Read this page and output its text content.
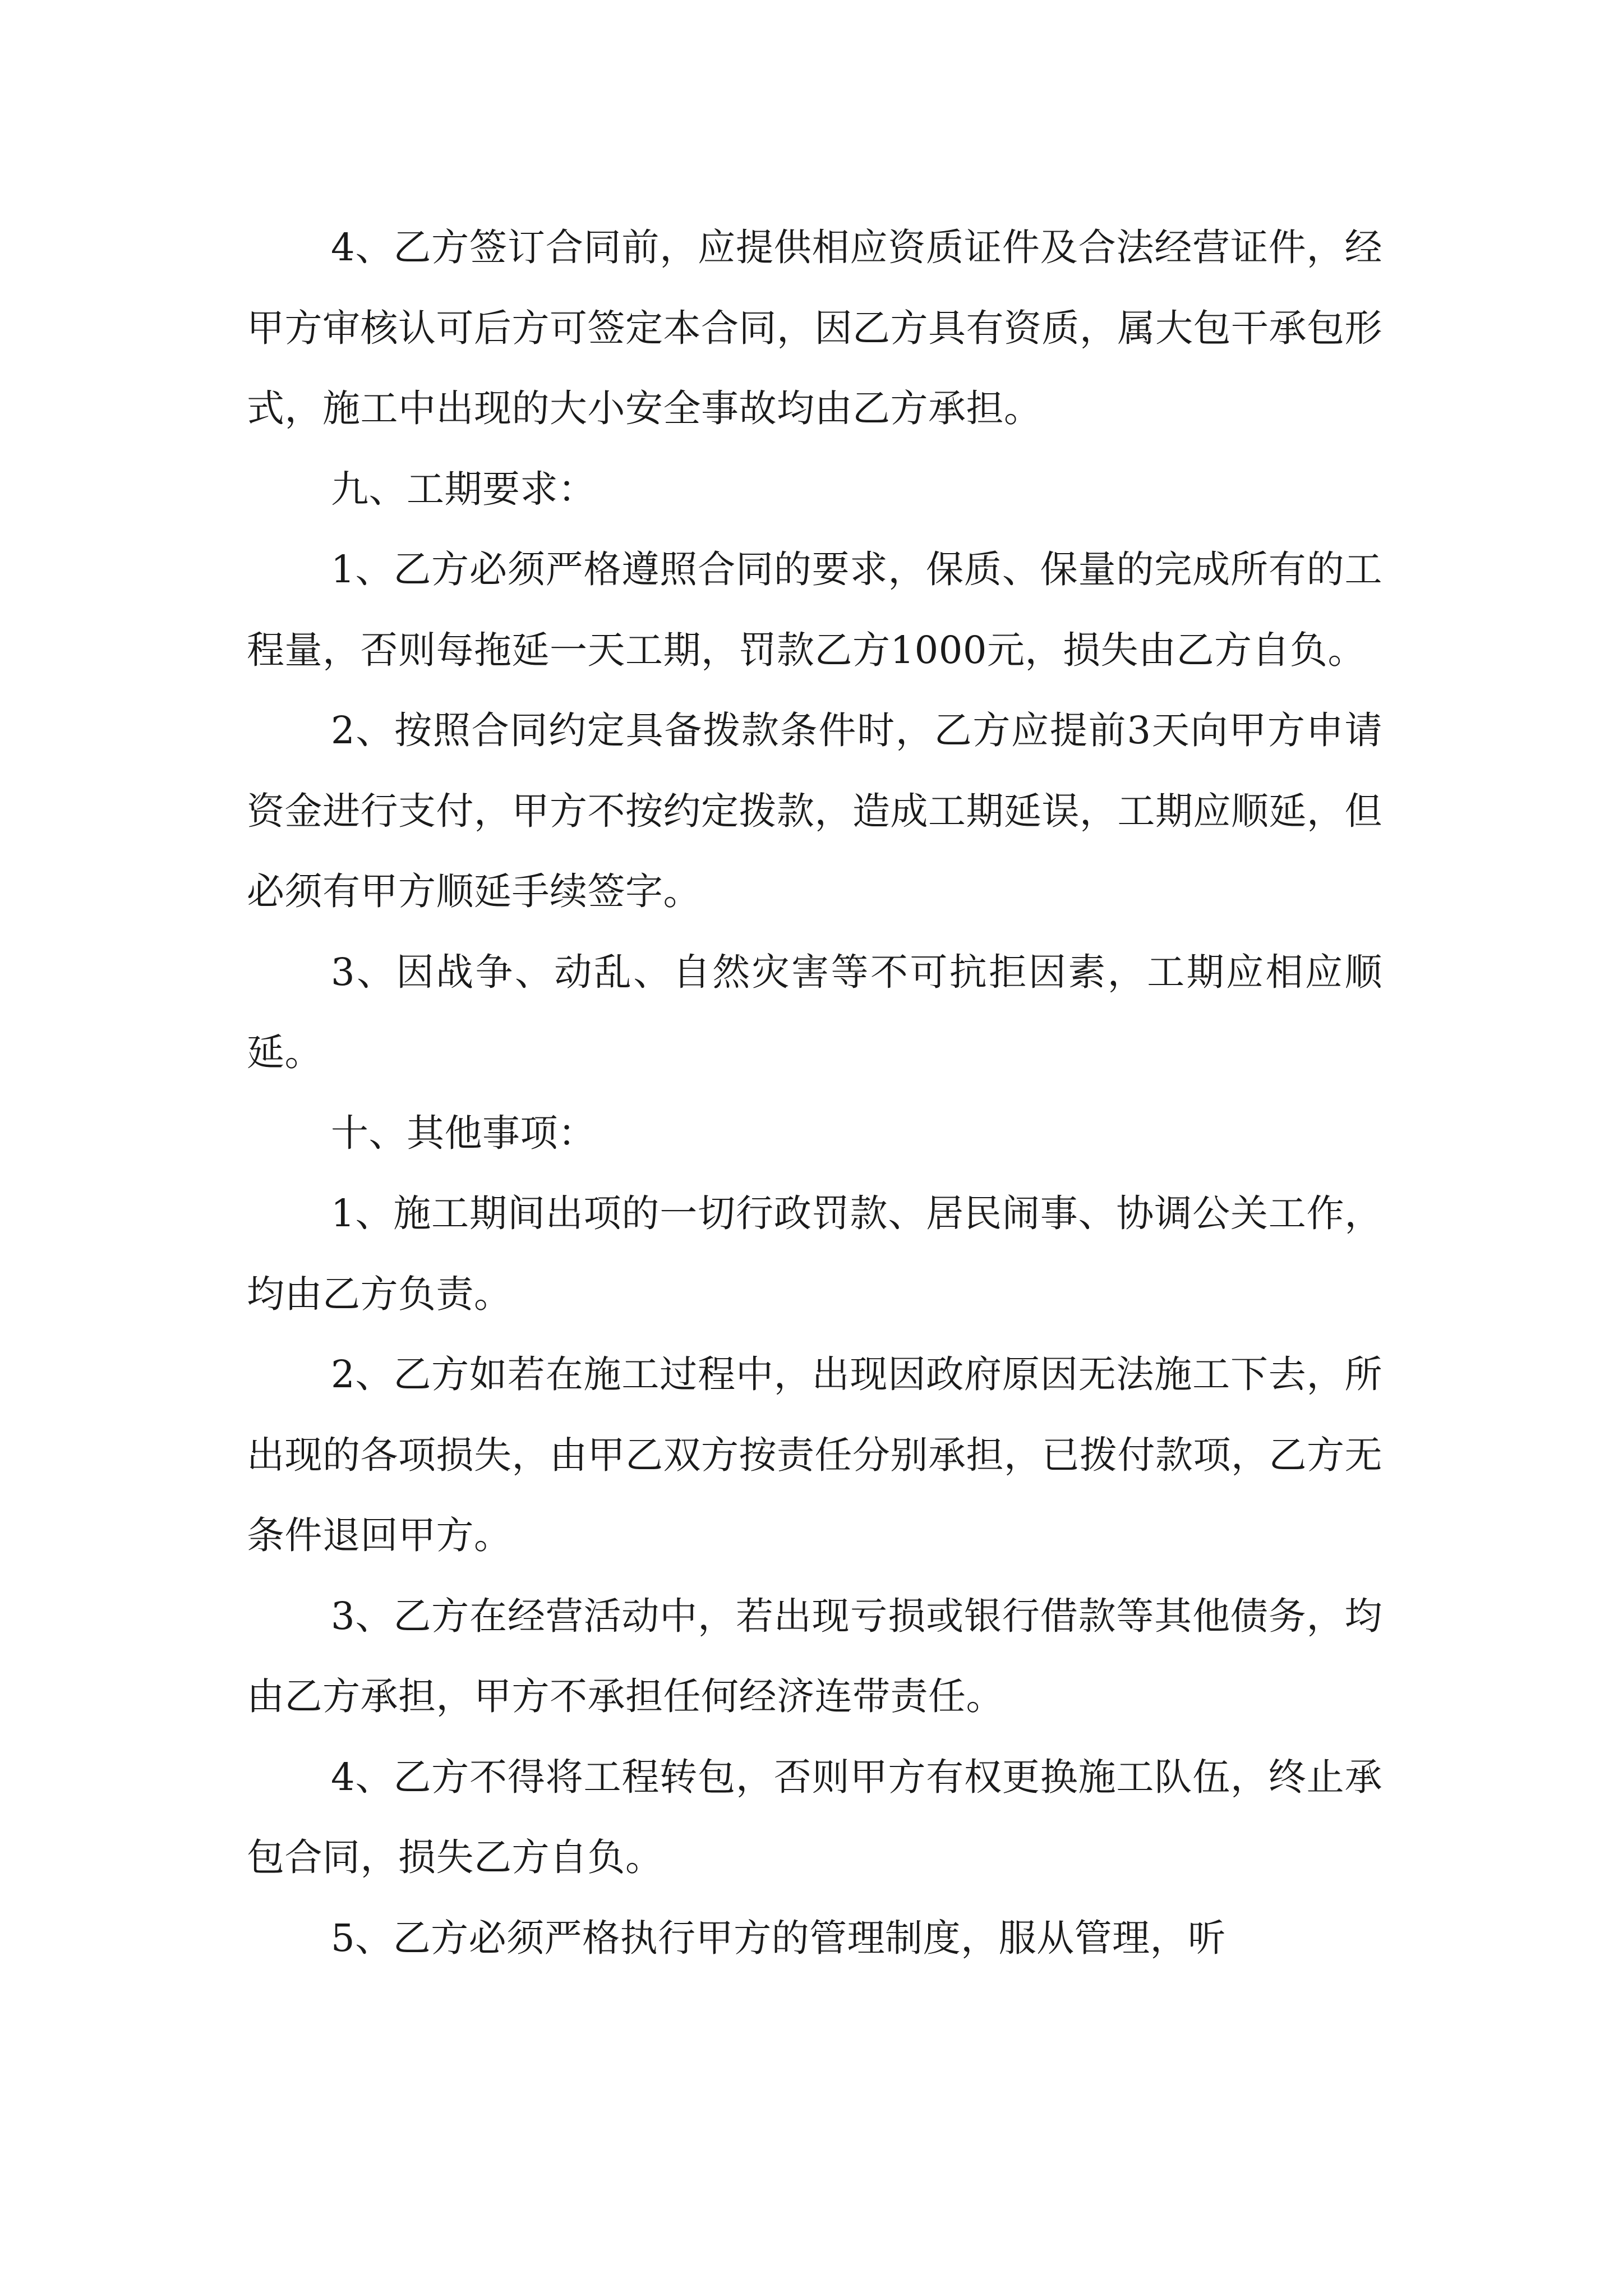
4、乙方签订合同前，应提供相应资质证件及合法经营证件，经甲方审核认可后方可签定本合同，因乙方具有资质，属大包干承包形式，施工中出现的大小安全事故均由乙方承担。

九、工期要求：

1、乙方必须严格遵照合同的要求，保质、保量的完成所有的工程量，否则每拖延一天工期，罚款乙方1000元，损失由乙方自负。

2、按照合同约定具备拨款条件时，乙方应提前3天向甲方申请资金进行支付，甲方不按约定拨款，造成工期延误，工期应顺延，但必须有甲方顺延手续签字。

3、因战争、动乱、自然灾害等不可抗拒因素，工期应相应顺延。

十、其他事项：

1、施工期间出项的一切行政罚款、居民闹事、协调公关工作，均由乙方负责。

2、乙方如若在施工过程中，出现因政府原因无法施工下去，所出现的各项损失，由甲乙双方按责任分别承担，已拨付款项，乙方无条件退回甲方。

3、乙方在经营活动中，若出现亏损或银行借款等其他债务，均由乙方承担，甲方不承担任何经济连带责任。

4、乙方不得将工程转包，否则甲方有权更换施工队伍，终止承包合同，损失乙方自负。

5、乙方必须严格执行甲方的管理制度，服从管理，听
